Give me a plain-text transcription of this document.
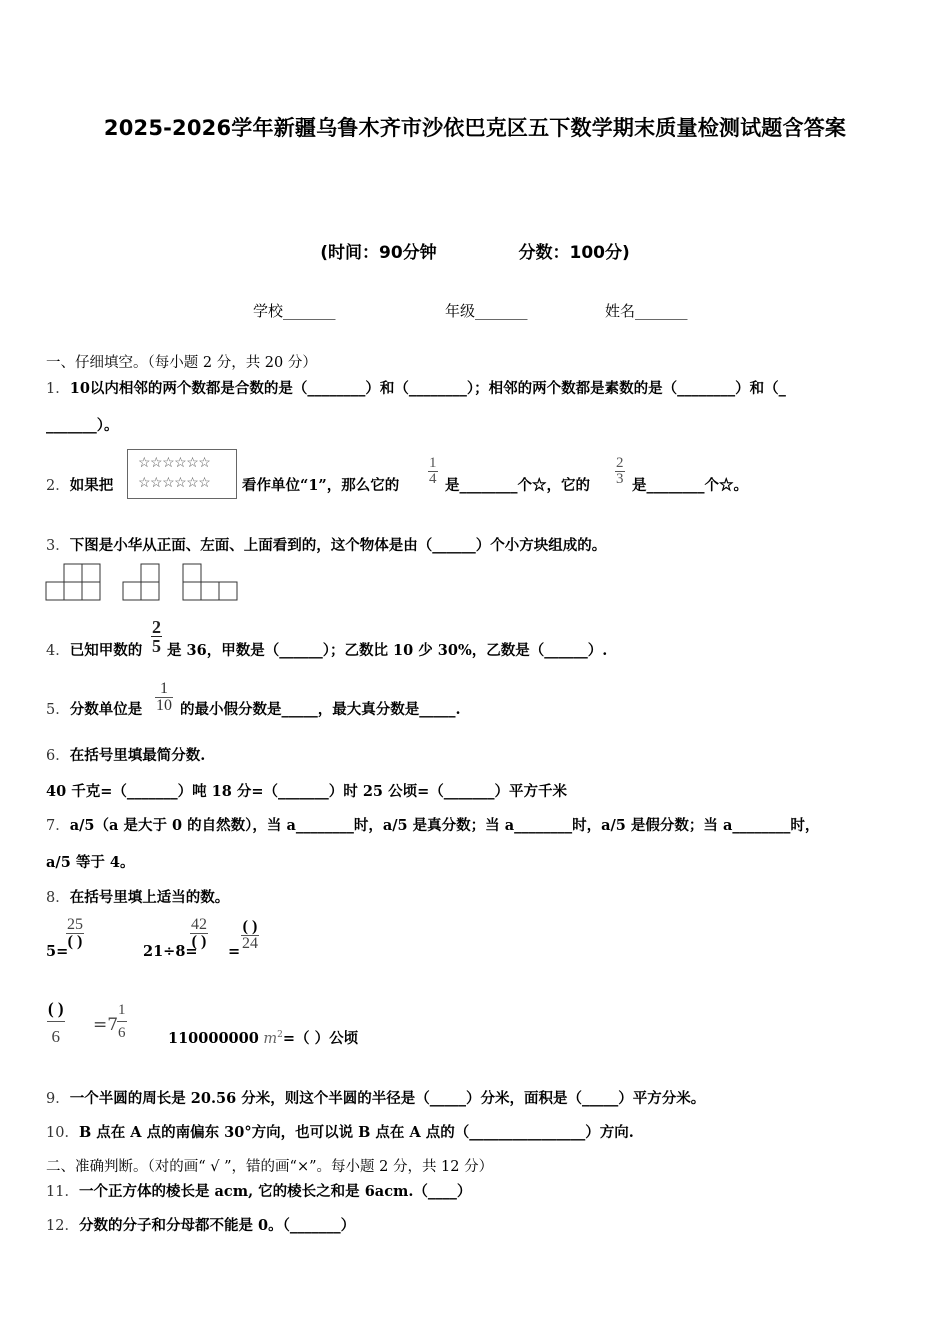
2025-2026学年新疆乌鲁木齐市沙依巴克区五下数学期末质量检测试题含答案
(时间：90分钟	分数：100分)
学校_______	年级_______	姓名_______
一、仔细填空。（每小题 2 分，共 20 分）
1．10以内相邻的两个数都是合数的是（________）和（________）；相邻的两个数都是素数的是（________）和（_
_______）。
2．如果把
☆☆☆☆☆☆
☆☆☆☆☆☆ 看作单位“1”，那么它的 $\frac{1}{4}$ 是________个☆，它的 $\frac{2}{3}$ 是________个☆。
3．下图是小华从正面、左面、上面看到的，这个物体是由（______）个小方块组成的。
4．已知甲数的 $\frac{2}{5}$ 是 36，甲数是（______）；乙数比 10 少 30%，乙数是（______）.
5．分数单位是 $\frac{1}{10}$ 的最小假分数是_____，最大真分数是_____.
6．在括号里填最简分数.
40 千克=（_______）吨 18 分=（_______）时 25 公顷=（_______）平方千米
7．a/5（a 是大于 0 的自然数），当 a________时，a/5 是真分数；当 a________时，a/5 是假分数；当 a________时，
a/5 等于 4。
8．在括号里填上适当的数。
5=
$\frac{25}{( )}$
21÷8=
$\frac{42}{( )}$
= $\frac{( )}{24}$
$\frac{( )}{6} =7$
$\frac{1}{6}$	110000000 $m^2=$（ ）公顷
9．一个半圆的周长是 20.56 分米，则这个半圆的半径是（_____）分米，面积是（_____）平方分米。
10．B 点在 A 点的南偏东 30°方向，也可以说 B 点在 A 点的（________________）方向.
二、准确判断。（对的画“ √ ”，错的画“×”。每小题 2 分，共 12 分）
11．一个正方体的棱长是 acm, 它的棱长之和是 6acm.（____）
12．分数的分子和分母都不能是 0。（_______）
